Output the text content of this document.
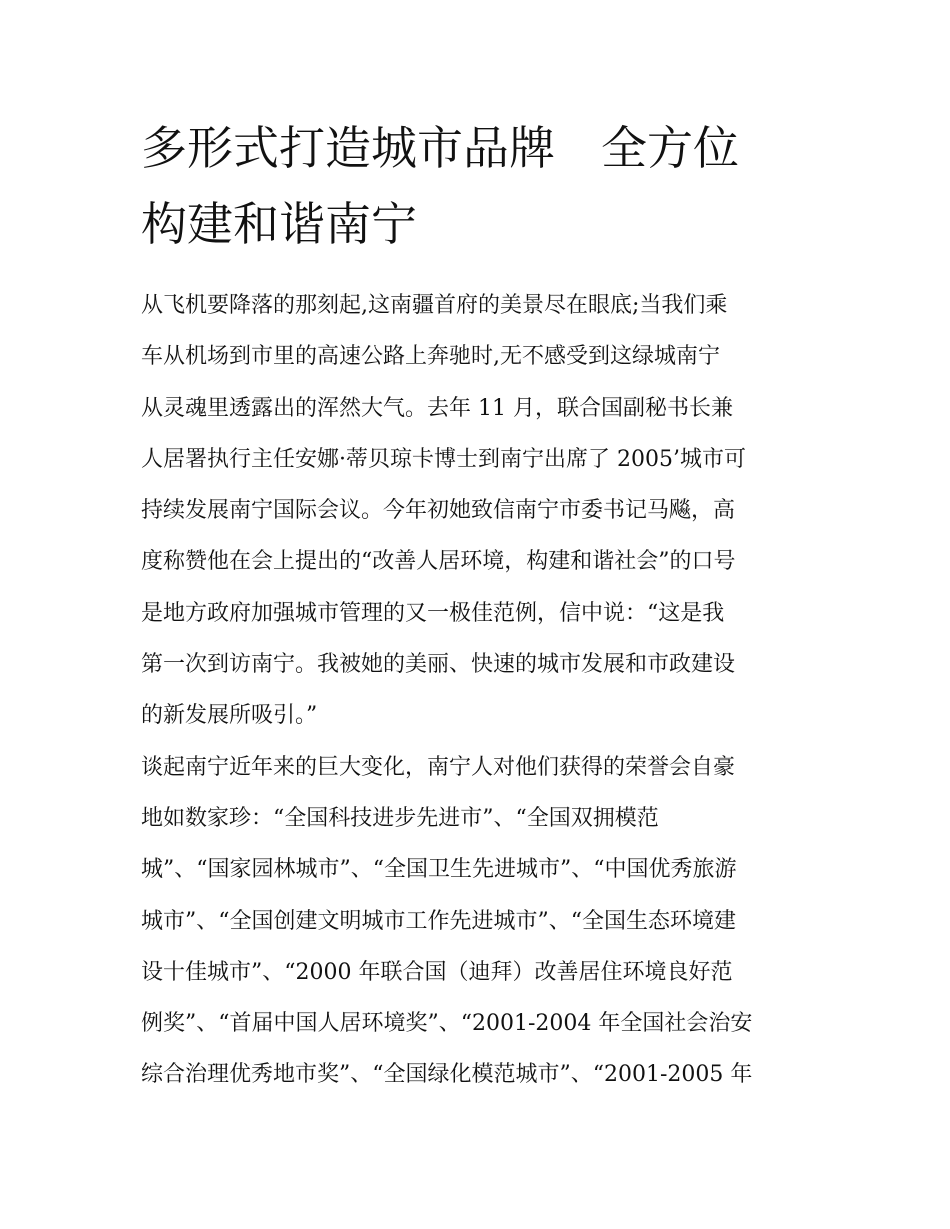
多形式打造城市品牌　全方位
构建和谐南宁
从飞机要降落的那刻起,这南疆首府的美景尽在眼底;当我们乘
车从机场到市里的高速公路上奔驰时,无不感受到这绿城南宁
从灵魂里透露出的浑然大气。去年 11 月，联合国副秘书长兼
人居署执行主任安娜·蒂贝琼卡博士到南宁出席了 2005’城市可
持续发展南宁国际会议。今年初她致信南宁市委书记马飚，高
度称赞他在会上提出的“改善人居环境，构建和谐社会”的口号
是地方政府加强城市管理的又一极佳范例，信中说：“这是我
第一次到访南宁。我被她的美丽、快速的城市发展和市政建设
的新发展所吸引。”
谈起南宁近年来的巨大变化，南宁人对他们获得的荣誉会自豪
地如数家珍：“全国科技进步先进市”、“全国双拥模范
城”、“国家园林城市”、“全国卫生先进城市”、“中国优秀旅游
城市”、“全国创建文明城市工作先进城市”、“全国生态环境建
设十佳城市”、“2000 年联合国（迪拜）改善居住环境良好范
例奖”、“首届中国人居环境奖”、“2001-2004 年全国社会治安
综合治理优秀地市奖”、“全国绿化模范城市”、“2001-2005 年
